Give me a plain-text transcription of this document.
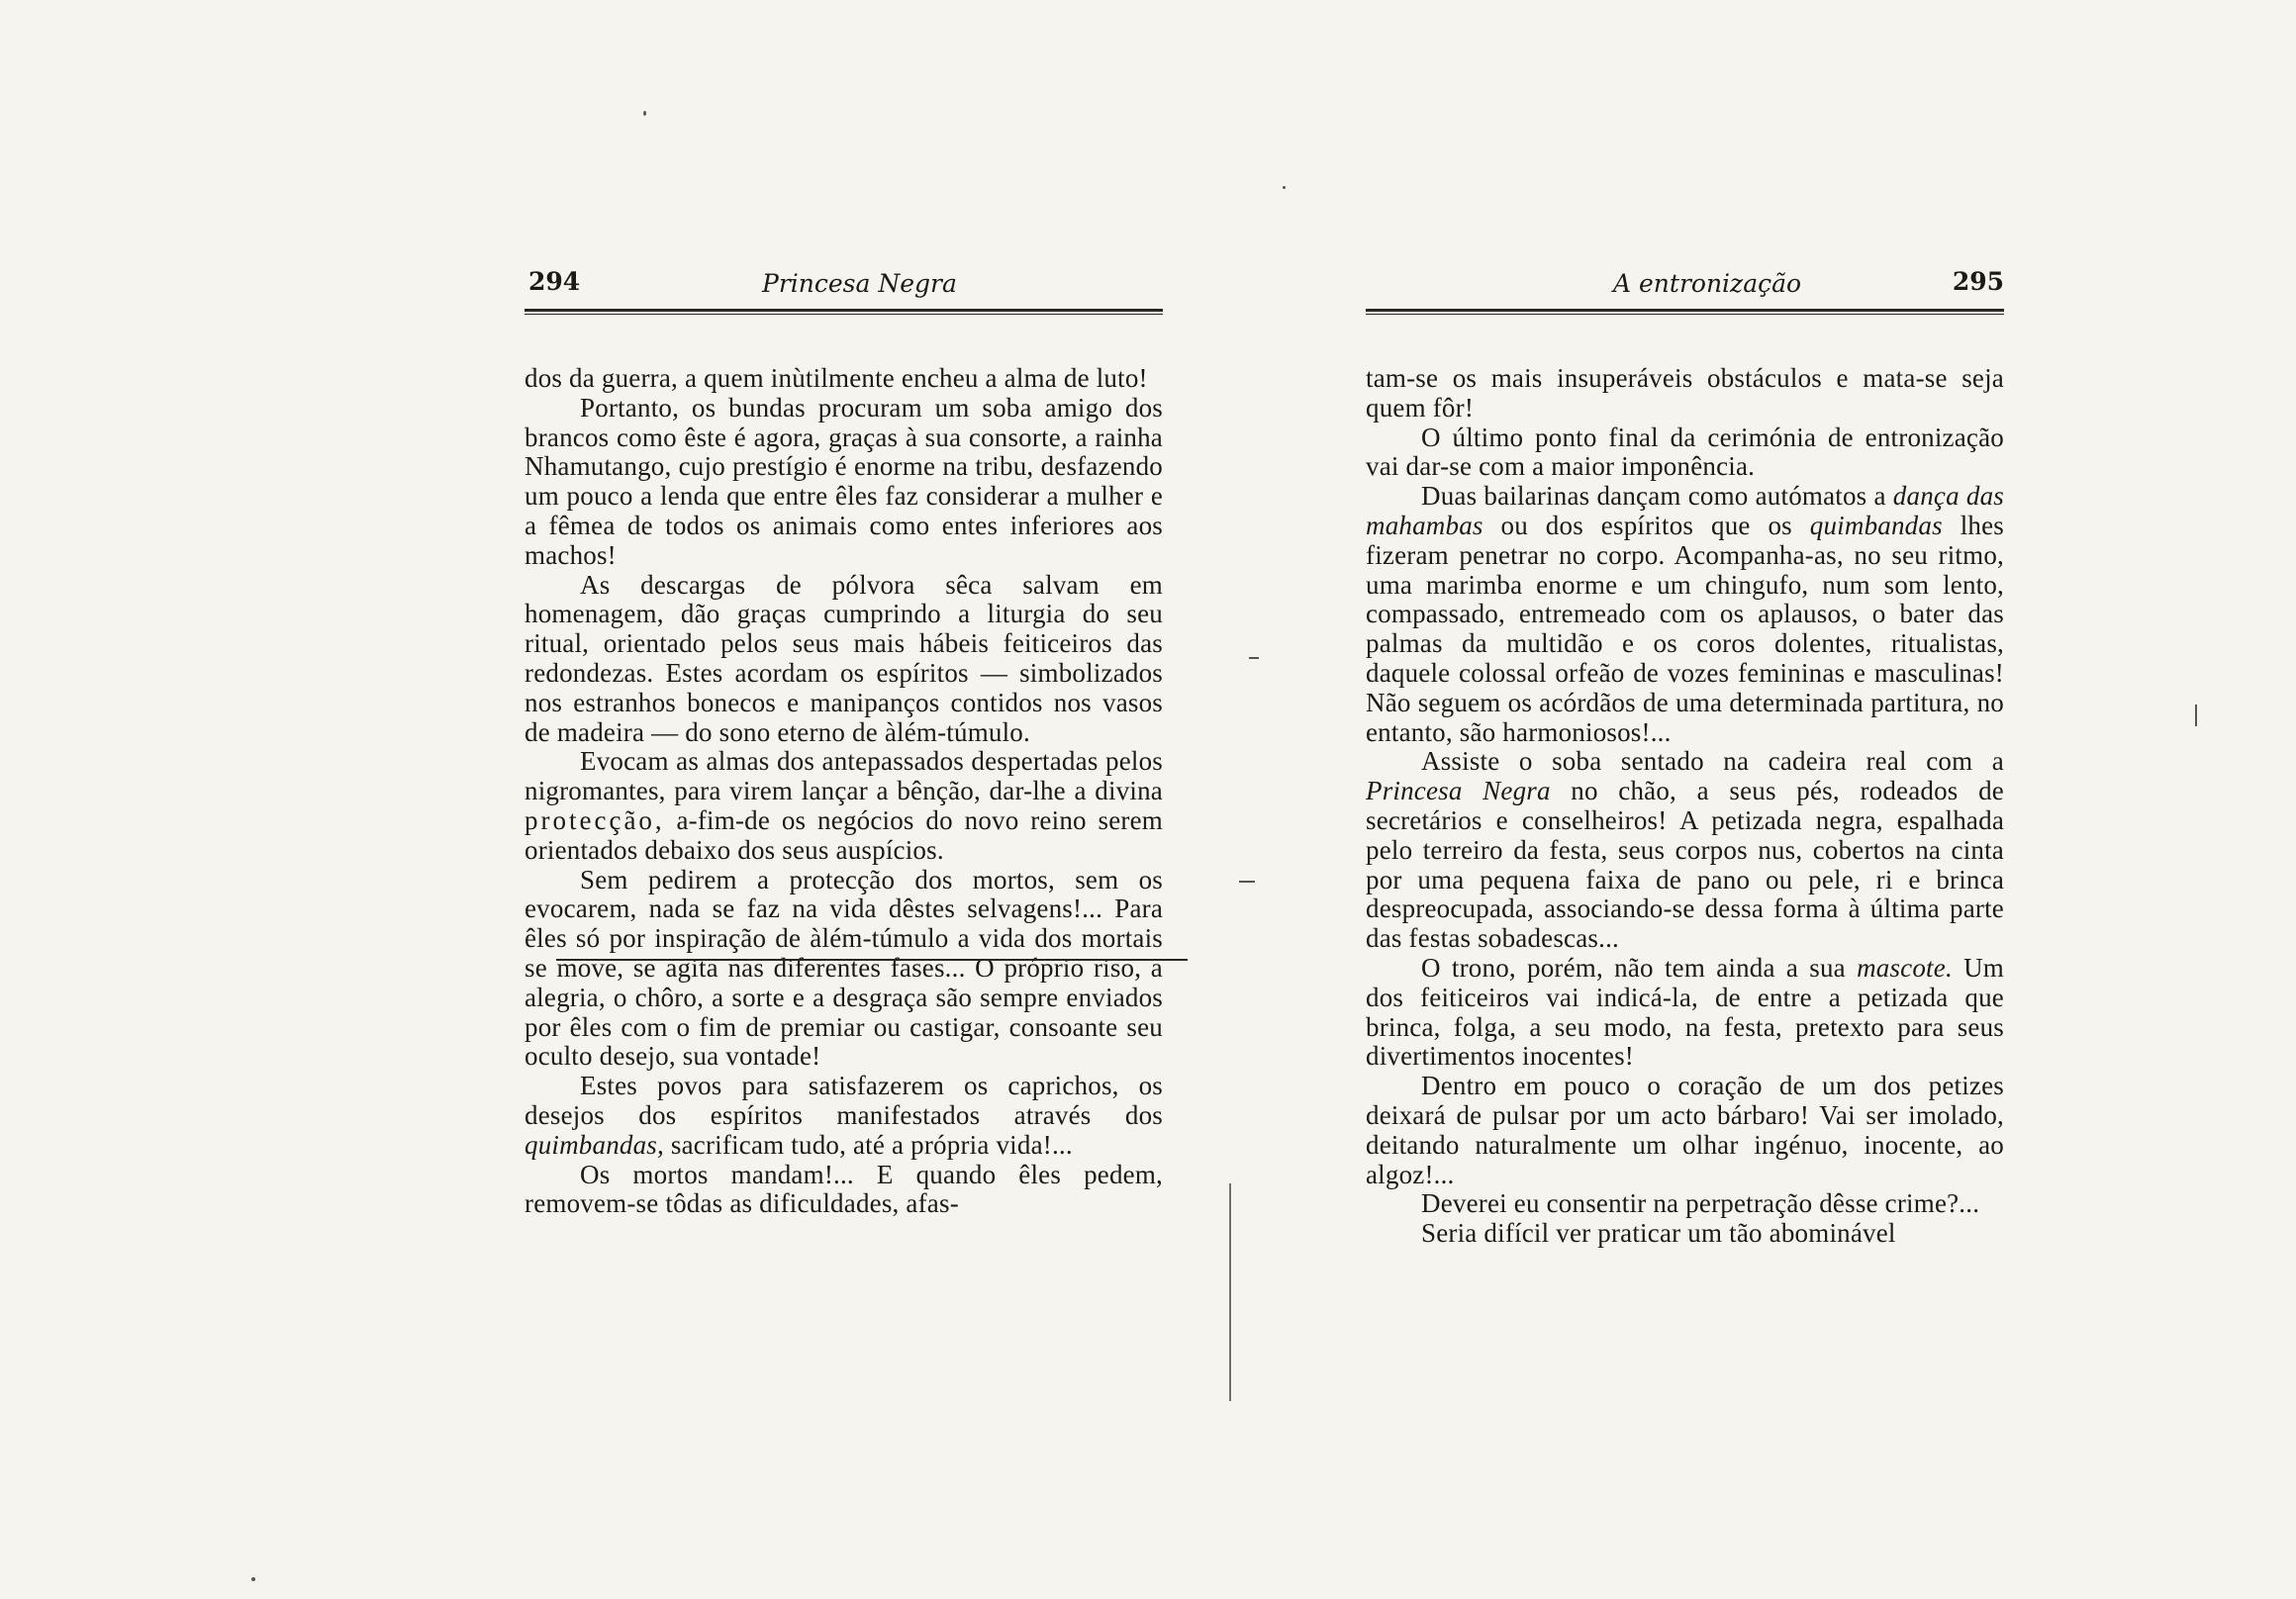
294	Princesa Negra

dos da guerra, a quem inùtilmente encheu a alma de luto!

Portanto, os bundas procuram um soba amigo dos brancos como êste é agora, graças à sua consorte, a rainha Nhamutango, cujo prestígio é enorme na tribu, desfazendo um pouco a lenda que entre êles faz considerar a mulher e a fêmea de todos os animais como entes inferiores aos machos!

As descargas de pólvora sêca salvam em homenagem, dão graças cumprindo a liturgia do seu ritual, orientado pelos seus mais hábeis feiticeiros das redondezas. Estes acordam os espíritos — simbolizados nos estranhos bonecos e manipanços contidos nos vasos de madeira — do sono eterno de àlém-túmulo.

Evocam as almas dos antepassados despertadas pelos nigromantes, para virem lançar a bênção, dar-lhe a divina protecção, a-fim-de os negócios do novo reino serem orientados debaixo dos seus auspícios.

Sem pedirem a protecção dos mortos, sem os evocarem, nada se faz na vida dêstes selvagens!... Para êles só por inspiração de àlém-túmulo a vida dos mortais se move, se agita nas diferentes fases... O próprio riso, a alegria, o chôro, a sorte e a desgraça são sempre enviados por êles com o fim de premiar ou castigar, consoante seu oculto desejo, sua vontade!

Estes povos para satisfazerem os caprichos, os desejos dos espíritos manifestados através dos quimbandas, sacrificam tudo, até a própria vida!...

Os mortos mandam!... E quando êles pedem, removem-se tôdas as dificuldades, afas-

A entronização	295

tam-se os mais insuperáveis obstáculos e mata-se seja quem fôr!

O último ponto final da cerimónia de entronização vai dar-se com a maior imponência.

Duas bailarinas dançam como autómatos a dança das mahambas ou dos espíritos que os quimbandas lhes fizeram penetrar no corpo. Acompanha-as, no seu ritmo, uma marimba enorme e um chingufo, num som lento, compassado, entremeado com os aplausos, o bater das palmas da multidão e os coros dolentes, ritualistas, daquele colossal orfeão de vozes femininas e masculinas! Não seguem os acórdãos de uma determinada partitura, no entanto, são harmoniosos!...

Assiste o soba sentado na cadeira real com a Princesa Negra no chão, a seus pés, rodeados de secretários e conselheiros! A petizada negra, espalhada pelo terreiro da festa, seus corpos nus, cobertos na cinta por uma pequena faixa de pano ou pele, ri e brinca despreocupada, associando-se dessa forma à última parte das festas sobadescas...

O trono, porém, não tem ainda a sua mascote. Um dos feiticeiros vai indicá-la, de entre a petizada que brinca, folga, a seu modo, na festa, pretexto para seus divertimentos inocentes!

Dentro em pouco o coração de um dos petizes deixará de pulsar por um acto bárbaro! Vai ser imolado, deitando naturalmente um olhar ingénuo, inocente, ao algoz!...

Deverei eu consentir na perpetração dêsse crime?...

Seria difícil ver praticar um tão abominável
